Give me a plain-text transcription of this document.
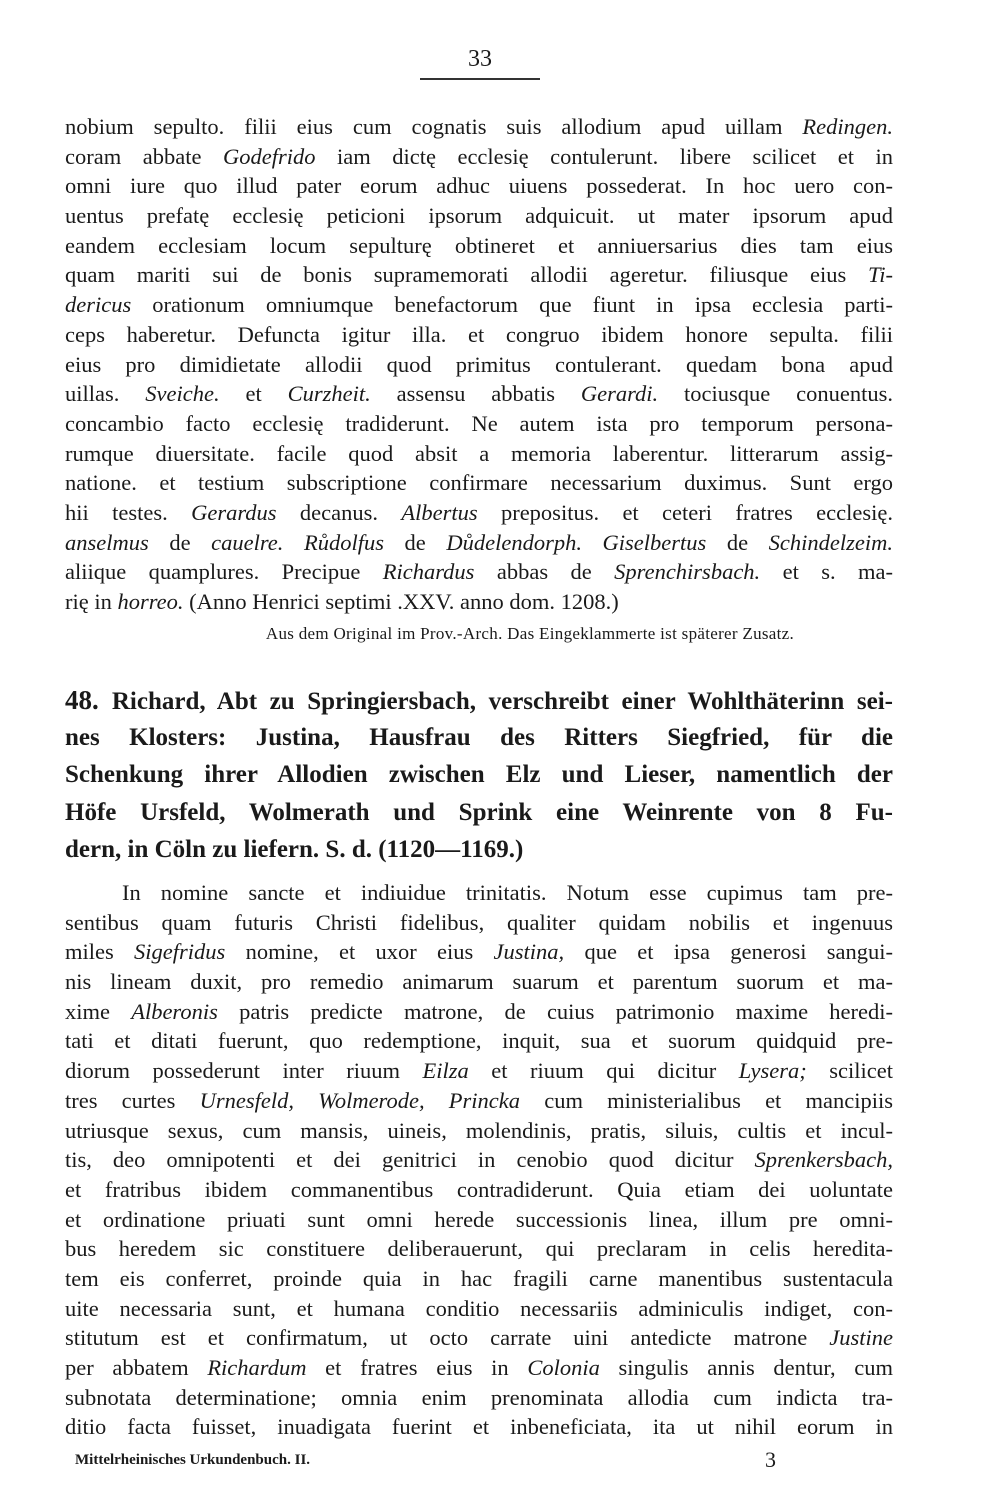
33
nobium sepulto. filii eius cum cognatis suis allodium apud uillam Redingen.
coram abbate Godefrido iam dictę ecclesię contulerunt. libere scilicet et in
omni iure quo illud pater eorum adhuc uiuens possederat. In hoc uero con-
uentus prefatę ecclesię peticioni ipsorum adquicuit. ut mater ipsorum apud
eandem ecclesiam locum sepulturę obtineret et anniuersarius dies tam eius
quam mariti sui de bonis supramemorati allodii ageretur. filiusque eius Ti-
dericus orationum omniumque benefactorum que fiunt in ipsa ecclesia parti-
ceps haberetur. Defuncta igitur illa. et congruo ibidem honore sepulta. filii
eius pro dimidietate allodii quod primitus contulerant. quedam bona apud
uillas. Sveiche. et Curzheit. assensu abbatis Gerardi. tociusque conuentus.
concambio facto ecclesię tradiderunt. Ne autem ista pro temporum persona-
rumque diuersitate. facile quod absit a memoria laberentur. litterarum assig-
natione. et testium subscriptione confirmare necessarium duximus. Sunt ergo
hii testes. Gerardus decanus. Albertus prepositus. et ceteri fratres ecclesię.
anselmus de cauelre. Růdolfus de Důdelendorph. Giselbertus de Schindelzeim.
aliique quamplures. Precipue Richardus abbas de Sprenchirsbach. et s. ma-
rię in horreo. (Anno Henrici septimi .XXV. anno dom. 1208.)
Aus dem Original im Prov.-Arch. Das Eingeklammerte ist späterer Zusatz.
48. Richard, Abt zu Springiersbach, verschreibt einer Wohlthäterinn sei-
nes Klosters: Justina, Hausfrau des Ritters Siegfried, für die
Schenkung ihrer Allodien zwischen Elz und Lieser, namentlich der
Höfe Ursfeld, Wolmerath und Sprink eine Weinrente von 8 Fu-
dern, in Cöln zu liefern. S. d. (1120—1169.)
In nomine sancte et indiuidue trinitatis. Notum esse cupimus tam pre-
sentibus quam futuris Christi fidelibus, qualiter quidam nobilis et ingenuus
miles Sigefridus nomine, et uxor eius Justina, que et ipsa generosi sangui-
nis lineam duxit, pro remedio animarum suarum et parentum suorum et ma-
xime Alberonis patris predicte matrone, de cuius patrimonio maxime heredi-
tati et ditati fuerunt, quo redemptione, inquit, sua et suorum quidquid pre-
diorum possederunt inter riuum Eilza et riuum qui dicitur Lysera; scilicet
tres curtes Urnesfeld, Wolmerode, Princka cum ministerialibus et mancipiis
utriusque sexus, cum mansis, uineis, molendinis, pratis, siluis, cultis et incul-
tis, deo omnipotenti et dei genitrici in cenobio quod dicitur Sprenkersbach,
et fratribus ibidem commanentibus contradiderunt. Quia etiam dei uoluntate
et ordinatione priuati sunt omni herede successionis linea, illum pre omni-
bus heredem sic constituere deliberauerunt, qui preclaram in celis heredita-
tem eis conferret, proinde quia in hac fragili carne manentibus sustentacula
uite necessaria sunt, et humana conditio necessariis adminiculis indiget, con-
stitutum est et confirmatum, ut octo carrate uini antedicte matrone Justine
per abbatem Richardum et fratres eius in Colonia singulis annis dentur, cum
subnotata determinatione; omnia enim prenominata allodia cum indicta tra-
ditio facta fuisset, inuadigata fuerint et inbeneficiata, ita ut nihil eorum in
Mittelrheinisches Urkundenbuch. II.	3
